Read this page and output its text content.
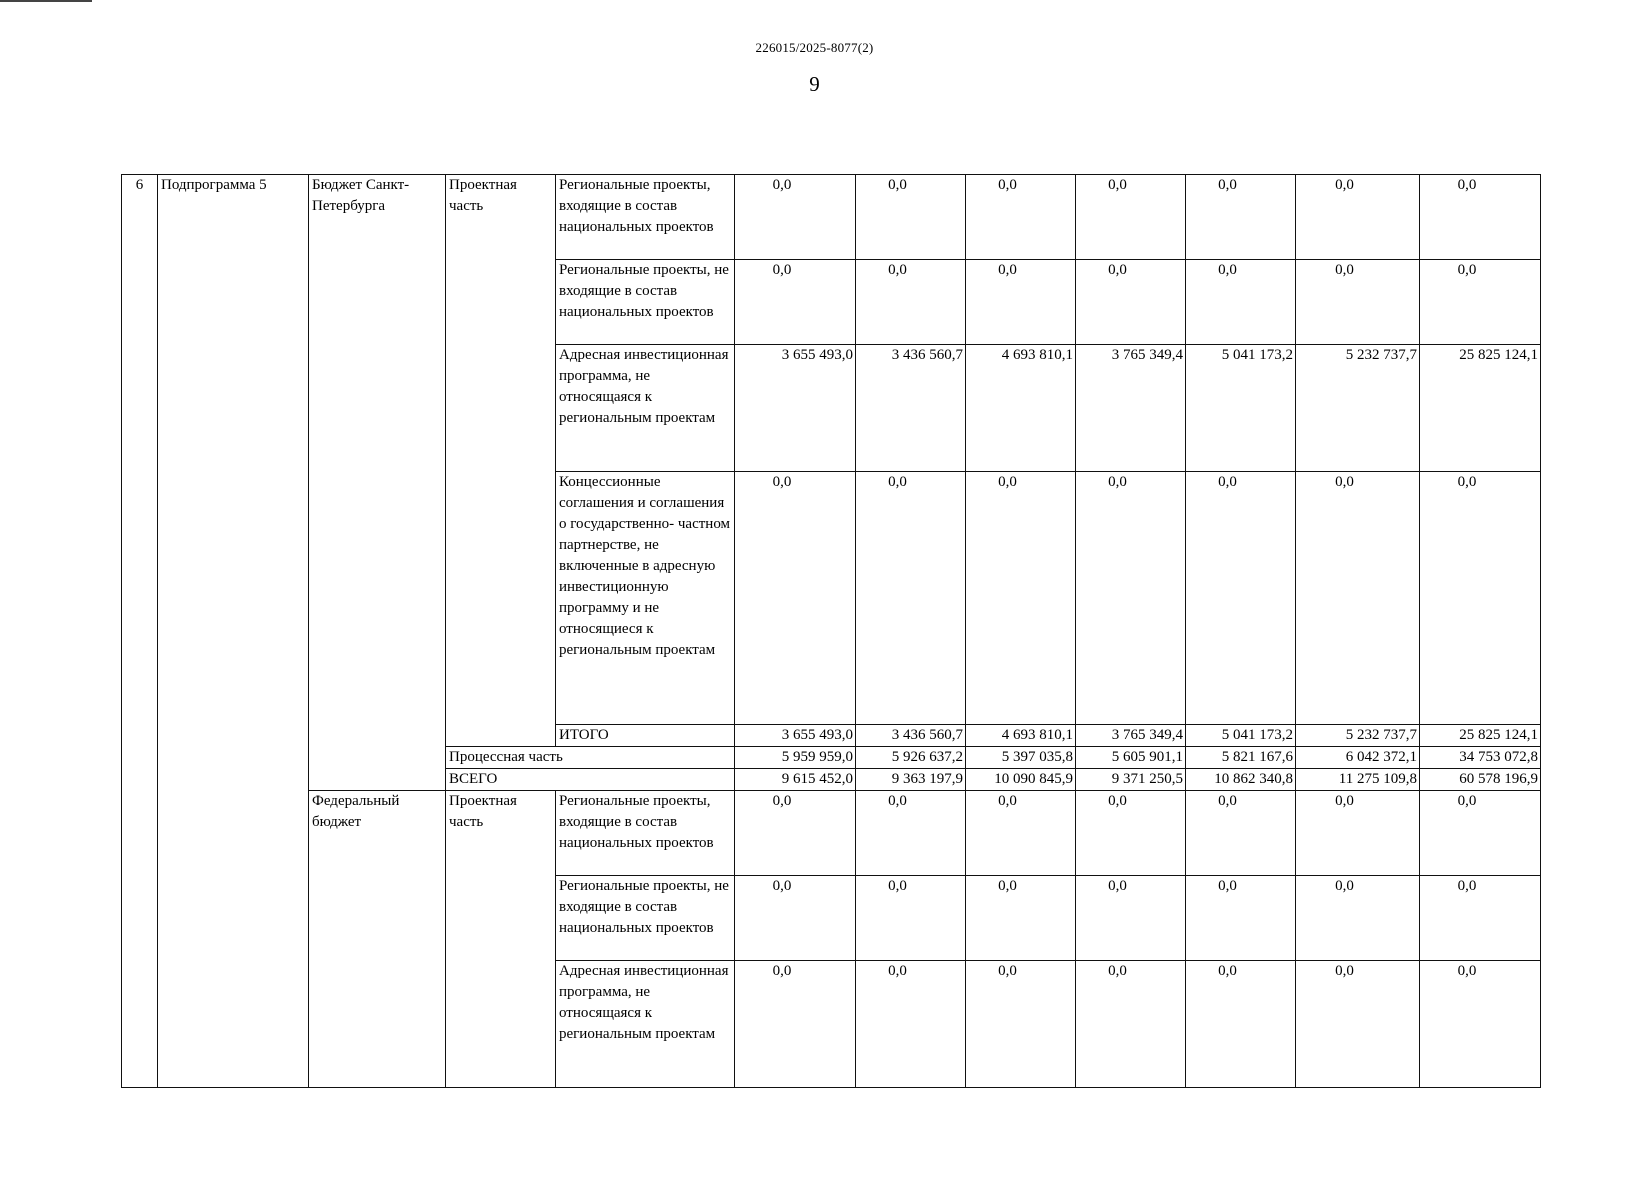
226015/2025-8077(2)
9
6	Подпрограмма 5	Бюджет Санкт-Петербурга	Проектная часть	Региональные проекты, входящие в состав национальных проектов	0,0	0,0	0,0	0,0	0,0	0,0	0,0
				Региональные проекты, не входящие в состав национальных проектов	0,0	0,0	0,0	0,0	0,0	0,0	0,0
				Адресная инвестиционная программа, не относящаяся к региональным проектам	3 655 493,0	3 436 560,7	4 693 810,1	3 765 349,4	5 041 173,2	5 232 737,7	25 825 124,1
				Концессионные соглашения и соглашения о государственно- частном партнерстве, не включенные в адресную инвестиционную программу и не относящиеся к региональным проектам	0,0	0,0	0,0	0,0	0,0	0,0	0,0
				ИТОГО	3 655 493,0	3 436 560,7	4 693 810,1	3 765 349,4	5 041 173,2	5 232 737,7	25 825 124,1
			Процессная часть		5 959 959,0	5 926 637,2	5 397 035,8	5 605 901,1	5 821 167,6	6 042 372,1	34 753 072,8
			ВСЕГО		9 615 452,0	9 363 197,9	10 090 845,9	9 371 250,5	10 862 340,8	11 275 109,8	60 578 196,9

		Федеральный бюджет	Проектная часть	Региональные проекты, входящие в состав национальных проектов	0,0	0,0	0,0	0,0	0,0	0,0	0,0
				Региональные проекты, не входящие в состав национальных проектов	0,0	0,0	0,0	0,0	0,0	0,0	0,0
				Адресная инвестиционная программа, не относящаяся к региональным проектам	0,0	0,0	0,0	0,0	0,0	0,0	0,0
